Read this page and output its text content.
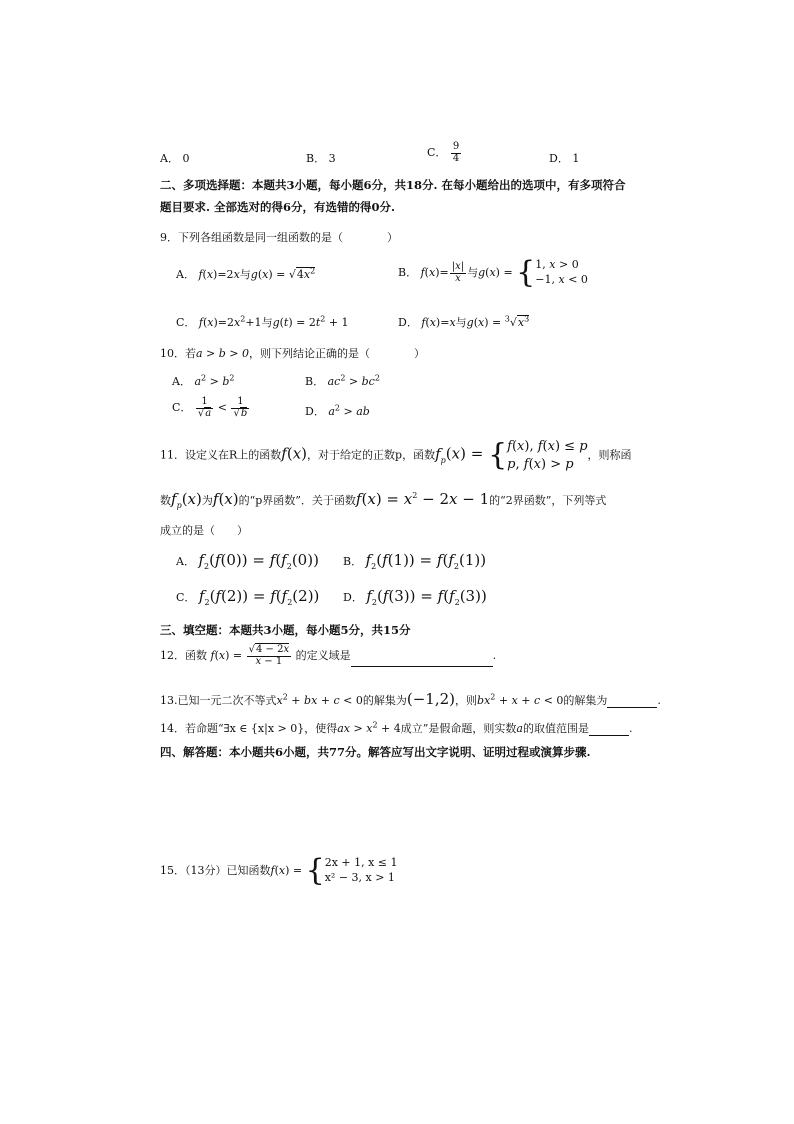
A． 0	B． 3	C． $\frac{9}{4}$	D． 1
二、多项选择题：本题共3小题，每小题6分，共18分. 在每小题给出的选项中，有多项符合
题目要求. 全部选对的得6分，有选错的得0分.
9．下列各组函数是同一组函数的是（　　　　）
A． f(x)=2x与$g(x) = √4x^2$	B． $f(x)= \frac{|x|}{x}$ 与g(x) = {1, x > 0
−1, x < 0
C． $f(x)=2x^2+1$与$g(t) = 2t^2 + 1$	D． f(x)=x与$g(x) = ^3√x^3$
10．若a > b > 0，则下列结论正确的是（　　　　）
A． $a^2 > b^2$	B． $ac^2 > bc^2$
C． $\frac{1}{√a} < \frac{1}{√b}$	D． $a^2$ > ab
11．设定义在R上的函数f(x)，对于给定的正数p，函数$f_p(x) = \{f(x)$, f(x) ≤ p
p, f(x) > p，则称函
数$f_p(x)$为f(x)的“p界函数”．关于函数$f(x) = x^2 - 2x - 1$的“2界函数”，下列等式
成立的是（　　）
A． $f_2(f(0)) = f(f_2(0))$ B． $f_2(f(1)) = f(f_2(1))$
C． $f_2(f(2)) = f(f_2(2))$ D． $f_2(f(3)) = f(f_2(3))$
三、填空题：本题共3小题，每小题5分，共15分
12．函数 $f(x) = \frac{√4 - 2x}{x - 1}$ 的定义域是	.
13.已知一元二次不等式$x^2$ + bx + c < 0的解集为(−1,2)，则$bx^2 + x + c < 0$的解集为	.
14．若命题“∃x ∈ {x|x > 0}，使得ax > $x^2 + 4$成立”是假命题，则实数a的取值范围是	.
四、解答题：本小题共6小题，共77分。解答应写出文字说明、证明过程或演算步骤.
15．（13分）已知函数f(x) = {2x + 1, x ≤ 1
x² − 3, x > 1
